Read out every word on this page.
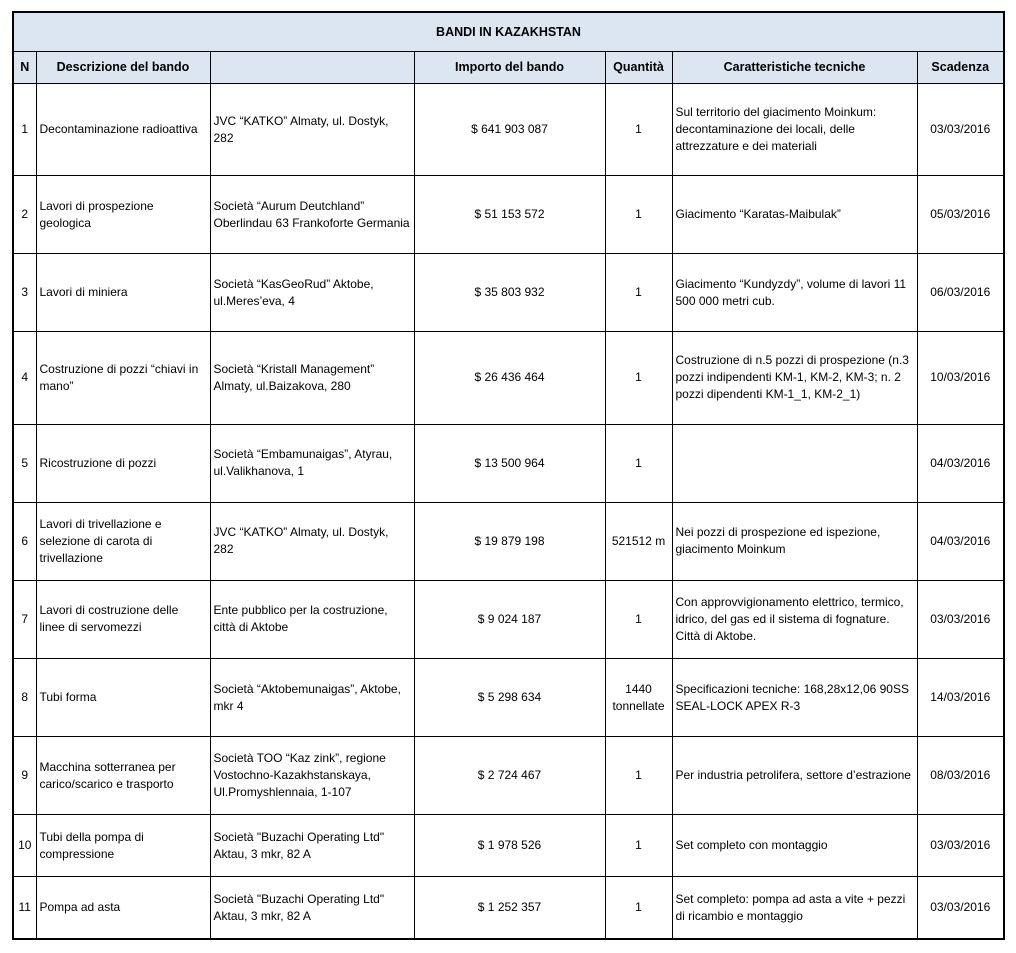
BANDI IN KAZAKHSTAN						
N	Descrizione del bando		Importo del bando	Quantità	Caratteristiche tecniche	Scadenza
1	Decontaminazione radioattiva	JVC “KATKO” Almaty, ul. Dostyk, 282	$ 641 903 087	1	Sul territorio del giacimento Moinkum: decontaminazione dei locali, delle attrezzature e dei materiali	03/03/2016
2	Lavori di prospezione geologica	Società “Aurum Deutchland” Oberlindau 63 Frankoforte Germania	$ 51 153 572	1	Giacimento “Karatas-Maibulak”	05/03/2016
3	Lavori di miniera	Società “KasGeoRud” Aktobe, ul.Meres’eva, 4	$ 35 803 932	1	Giacimento “Kundyzdy”, volume di lavori 11 500 000 metri cub.	06/03/2016
4	Costruzione di pozzi “chiavi in mano”	Società “Kristall Management” Almaty, ul.Baizakova, 280	$ 26 436 464	1	Costruzione di n.5 pozzi di prospezione (n.3 pozzi indipendenti KM-1, KM-2, KM-3; n. 2 pozzi dipendenti KM-1_1, KM-2_1)	10/03/2016
5	Ricostruzione di pozzi	Società “Embamunaigas”, Atyrau, ul.Valikhanova, 1	$ 13 500 964	1		04/03/2016
6	Lavori di trivellazione e selezione di carota di trivellazione	JVC “KATKO” Almaty, ul. Dostyk, 282	$ 19 879 198	521512 m	Nei pozzi di prospezione ed ispezione, giacimento Moinkum	04/03/2016
7	Lavori di costruzione delle linee di servomezzi	Ente pubblico per la costruzione, città di Aktobe	$ 9 024 187	1	Con approvvigionamento elettrico, termico, idrico, del gas ed il sistema di fognature. Città di Aktobe.	03/03/2016
8	Tubi forma	Società “Aktobemunaigas”, Aktobe, mkr 4	$ 5 298 634	1440 tonnellate	Specificazioni tecniche: 168,28x12,06 90SS SEAL-LOCK APEX R-3	14/03/2016
9	Macchina sotterranea per carico/scarico e trasporto	Società TOO “Kaz zink”, regione Vostochno-Kazakhstanskaya, Ul.Promyshlennaia, 1-107	$ 2 724 467	1	Per industria petrolifera, settore d’estrazione	08/03/2016
10	Tubi della pompa di compressione	Società "Buzachi Operating Ltd" Aktau, 3 mkr, 82 A	$ 1 978 526	1	Set completo con montaggio	03/03/2016
11	Pompa ad asta	Società "Buzachi Operating Ltd" Aktau, 3 mkr, 82 A	$ 1 252 357	1	Set completo: pompa ad asta a vite + pezzi di ricambio e montaggio	03/03/2016
